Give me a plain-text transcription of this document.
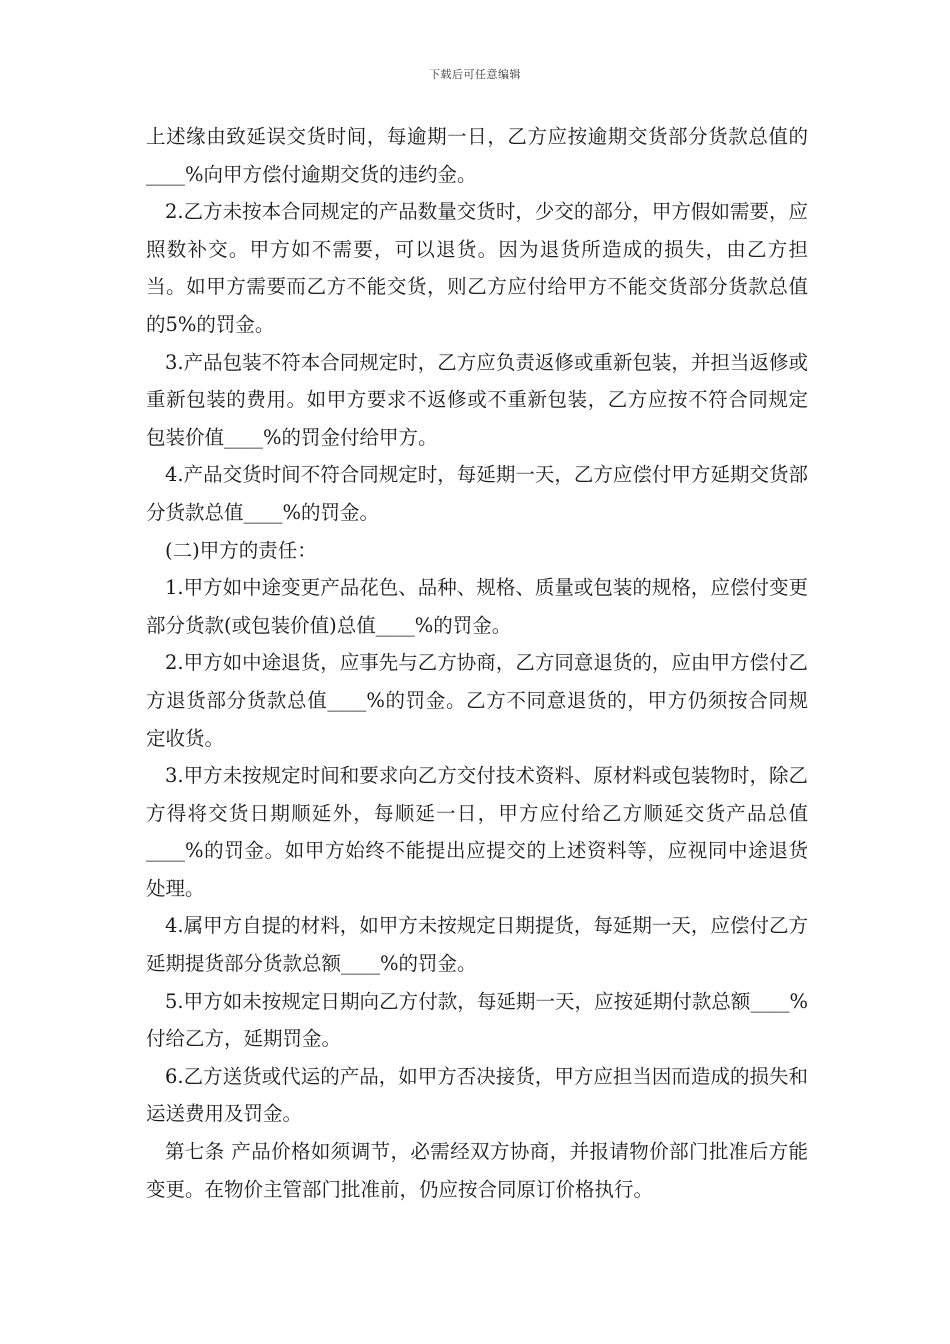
下载后可任意编辑

上述缘由致延误交货时间，每逾期一日，乙方应按逾期交货部分货款总值的____%向甲方偿付逾期交货的违约金。

2.乙方未按本合同规定的产品数量交货时，少交的部分，甲方假如需要，应照数补交。甲方如不需要，可以退货。因为退货所造成的损失，由乙方担当。如甲方需要而乙方不能交货，则乙方应付给甲方不能交货部分货款总值的5%的罚金。

3.产品包装不符本合同规定时，乙方应负责返修或重新包装，并担当返修或重新包装的费用。如甲方要求不返修或不重新包装，乙方应按不符合同规定包装价值____%的罚金付给甲方。

4.产品交货时间不符合同规定时，每延期一天，乙方应偿付甲方延期交货部分货款总值____%的罚金。

(二)甲方的责任：

1.甲方如中途变更产品花色、品种、规格、质量或包装的规格，应偿付变更部分货款(或包装价值)总值____%的罚金。

2.甲方如中途退货，应事先与乙方协商，乙方同意退货的，应由甲方偿付乙方退货部分货款总值____%的罚金。乙方不同意退货的，甲方仍须按合同规定收货。

3.甲方未按规定时间和要求向乙方交付技术资料、原材料或包装物时，除乙方得将交货日期顺延外，每顺延一日，甲方应付给乙方顺延交货产品总值____%的罚金。如甲方始终不能提出应提交的上述资料等，应视同中途退货处理。

4.属甲方自提的材料，如甲方未按规定日期提货，每延期一天，应偿付乙方延期提货部分货款总额____%的罚金。

5.甲方如未按规定日期向乙方付款，每延期一天，应按延期付款总额____%付给乙方，延期罚金。

6.乙方送货或代运的产品，如甲方否决接货，甲方应担当因而造成的损失和运送费用及罚金。

第七条 产品价格如须调节，必需经双方协商，并报请物价部门批准后方能变更。在物价主管部门批准前，仍应按合同原订价格执行。
